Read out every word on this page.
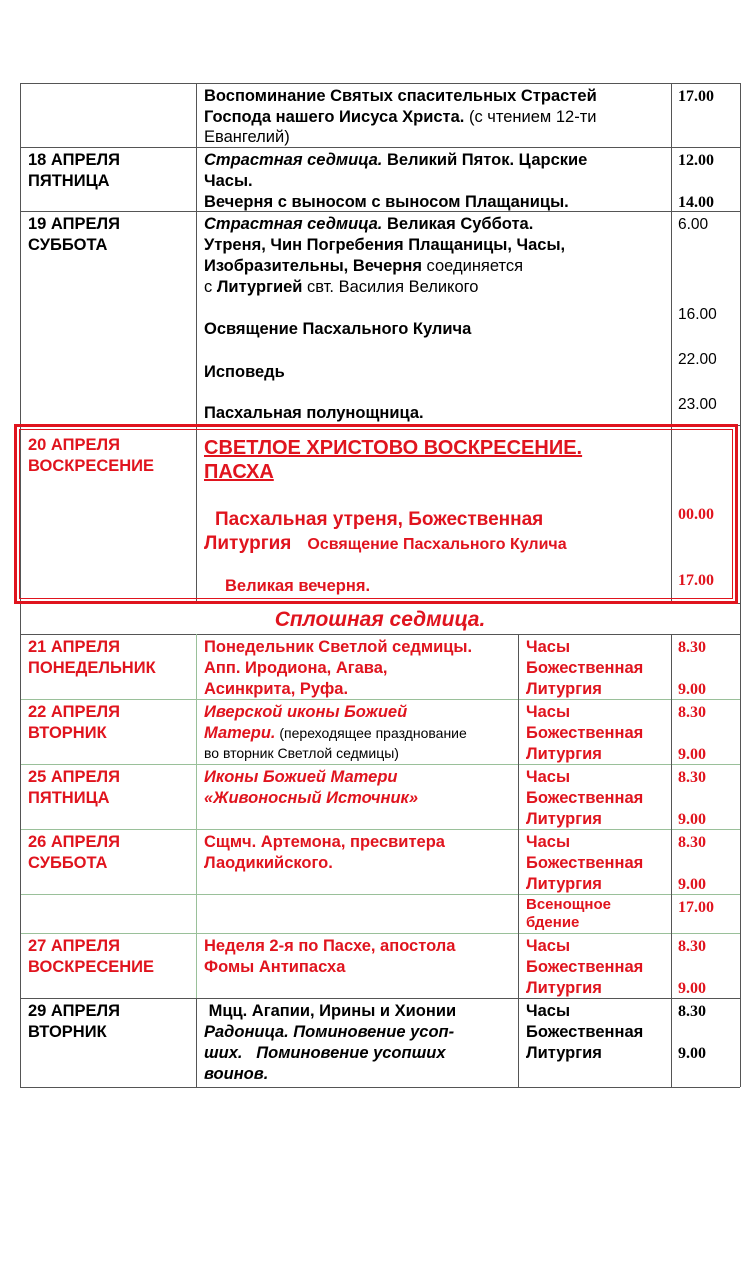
Воспоминание Святых спасительных Страстей
Господа нашего Иисуса Христа. (с чтением 12-ти
Евангелий)
17.00
18 АПРЕЛЯ
ПЯТНИЦА
Страстная седмица. Великий Пяток. Царские
Часы.
Вечерня с выносом с выносом Плащаницы.
12.00
14.00
19 АПРЕЛЯ
СУББОТА
Страстная седмица. Великая Суббота.
Утреня, Чин Погребения Плащаницы, Часы,
Изобразительны, Вечерня соединяется
с Литургией свт. Василия Великого
Освящение Пасхального Кулича
Исповедь
Пасхальная полунощница.
6.00
16.00
22.00
23.00
20 АПРЕЛЯ
ВОСКРЕСЕНИЕ
СВЕТЛОЕ ХРИСТОВО ВОСКРЕСЕНИЕ.
ПАСХА
Пасхальная утреня, Божественная
Литургия Освящение Пасхального Кулича
Великая вечерня.
00.00
17.00
Сплошная седмица.
21 АПРЕЛЯ
ПОНЕДЕЛЬНИК
Понедельник Светлой седмицы.
Апп. Иродиона, Агава,
Асинкрита, Руфа.
Часы
Божественная
Литургия
8.30
9.00
22 АПРЕЛЯ
ВТОРНИК
Иверской иконы Божией
Матери. (переходящее празднование
во вторник Светлой седмицы)
Часы
Божественная
Литургия
8.30
9.00
25 АПРЕЛЯ
ПЯТНИЦА
Иконы Божией Матери
«Живоносный Источник»
Часы
Божественная
Литургия
8.30
9.00
26 АПРЕЛЯ
СУББОТА
Сщмч. Артемона, пресвитера
Лаодикийского.
Часы
Божественная
Литургия
8.30
9.00
Всенощное
бдение
17.00
27 АПРЕЛЯ
ВОСКРЕСЕНИЕ
Неделя 2-я по Пасхе, апостола
Фомы Антипасха
Часы
Божественная
Литургия
8.30
9.00
29 АПРЕЛЯ
ВТОРНИК
Мцц. Агапии, Ирины и Хионии
Радоница. Поминовение усоп-
ших.   Поминовение усопших
воинов.
Часы
Божественная
Литургия
8.30
9.00
